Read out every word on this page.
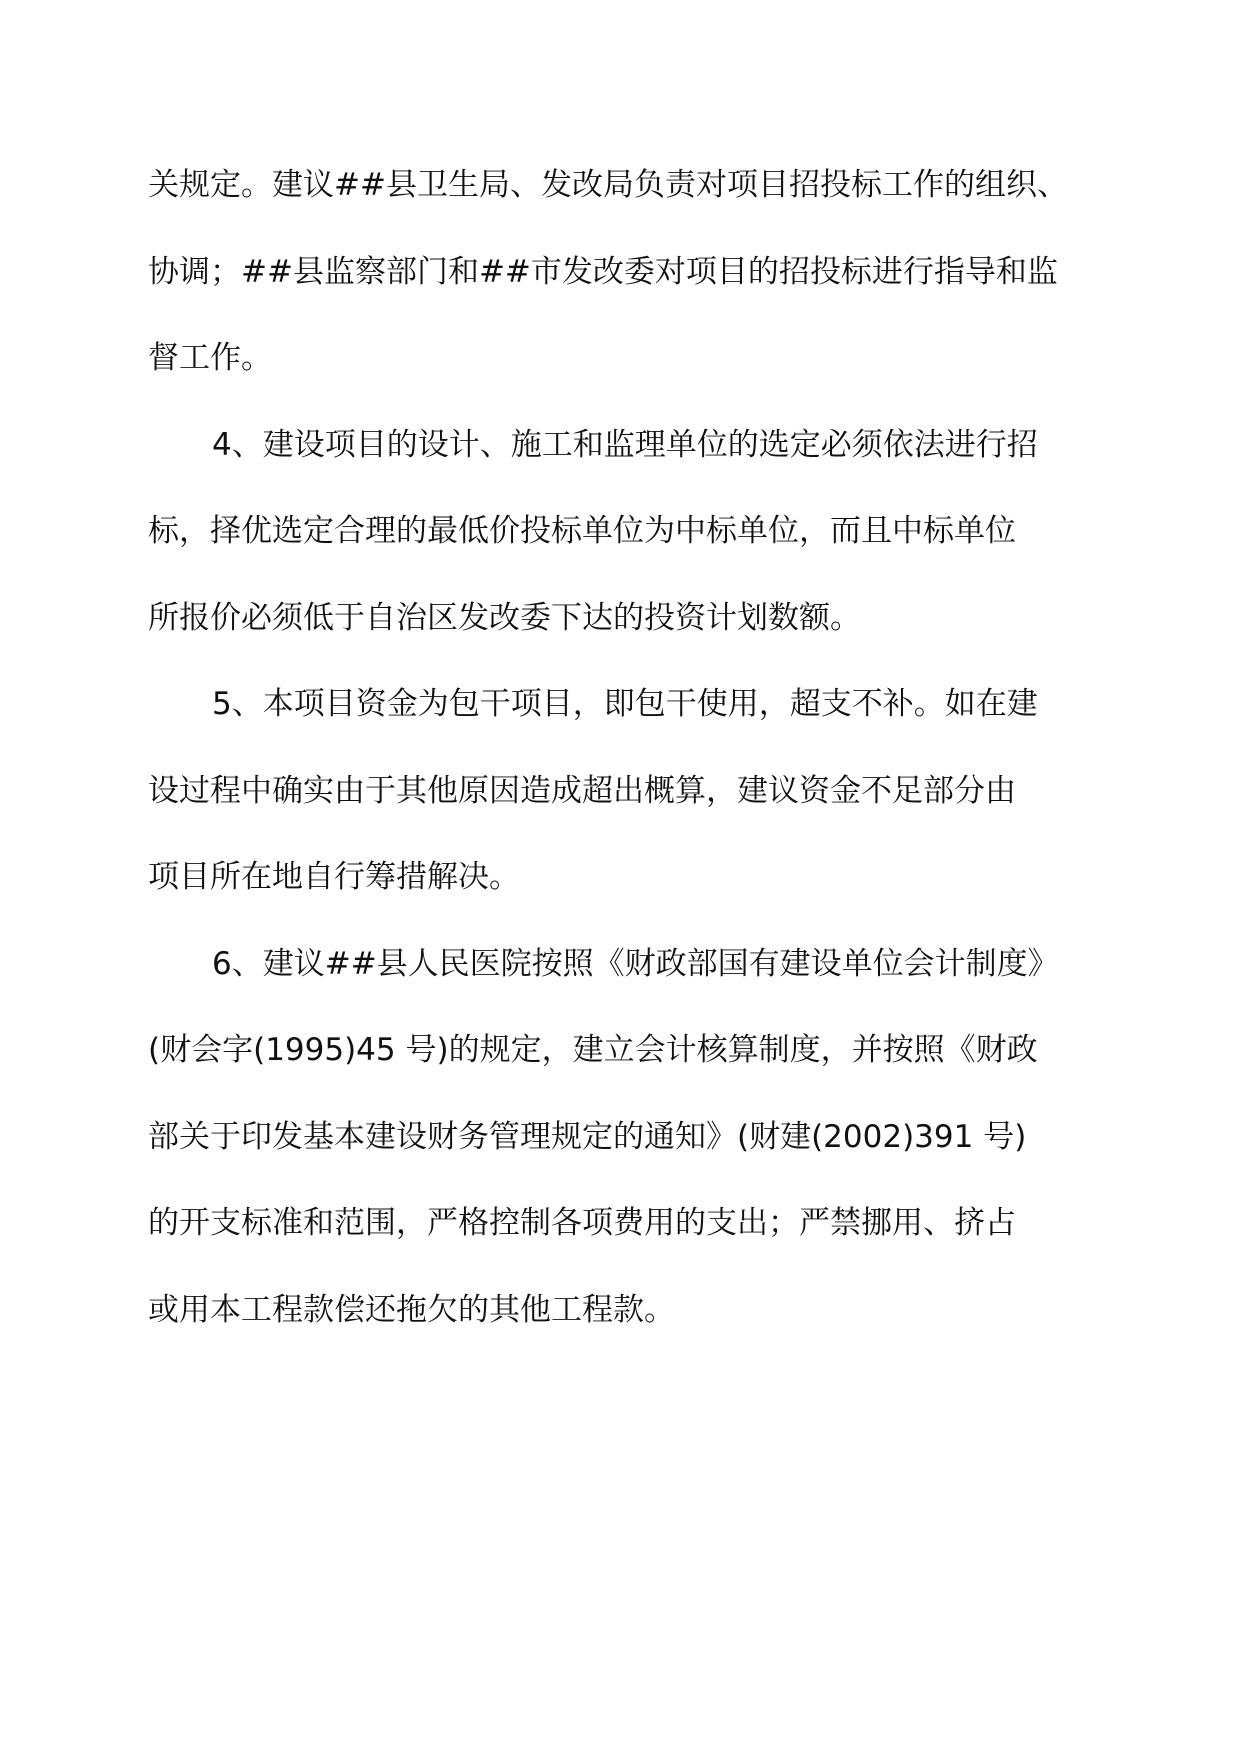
关规定。建议##县卫生局、发改局负责对项目招投标工作的组织、
协调；##县监察部门和##市发改委对项目的招投标进行指导和监
督工作。
4、建设项目的设计、施工和监理单位的选定必须依法进行招
标，择优选定合理的最低价投标单位为中标单位，而且中标单位
所报价必须低于自治区发改委下达的投资计划数额。
5、本项目资金为包干项目，即包干使用，超支不补。如在建
设过程中确实由于其他原因造成超出概算，建议资金不足部分由
项目所在地自行筹措解决。
6、建议##县人民医院按照《财政部国有建设单位会计制度》
(财会字(1995)45 号)的规定，建立会计核算制度，并按照《财政
部关于印发基本建设财务管理规定的通知》(财建(2002)391 号)
的开支标准和范围，严格控制各项费用的支出；严禁挪用、挤占
或用本工程款偿还拖欠的其他工程款。
